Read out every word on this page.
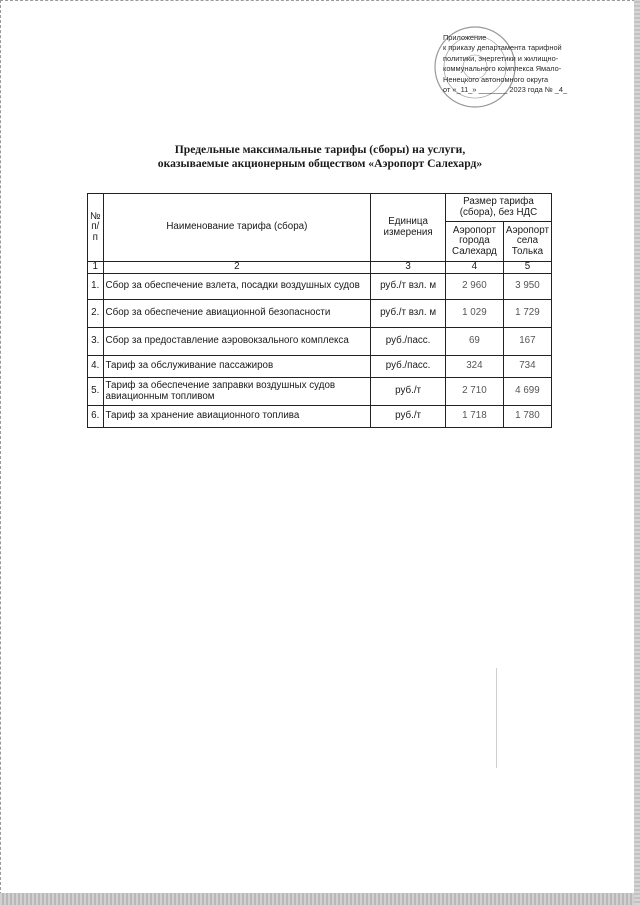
Приложение
к приказу департамента тарифной
политики, энергетики и жилищно-
коммунального комплекса Ямало-
Ненецкого автономного округа
от «_11_» _______ 2023 года № _4_
Предельные максимальные тарифы (сборы) на услуги,
оказываемые акционерным обществом «Аэропорт Салехард»
№ п/п	Наименование тарифа (сбора)	Единица измерения	Размер тарифа (сбора), без НДС	
			Аэропорт города Салехард	Аэропорт села Толька
1	2	3	4	5
1.	Сбор за обеспечение взлета, посадки воздушных судов	руб./т взл. м	2 960	3 950
2.	Сбор за обеспечение авиационной безопасности	руб./т взл. м	1 029	1 729
3.	Сбор за предоставление аэровокзального комплекса	руб./пасс.	69	167
4.	Тариф за обслуживание пассажиров	руб./пасс.	324	734
5.	Тариф за обеспечение заправки воздушных судов авиационным топливом	руб./т	2 710	4 699
6.	Тариф за хранение авиационного топлива	руб./т	1 718	1 780
